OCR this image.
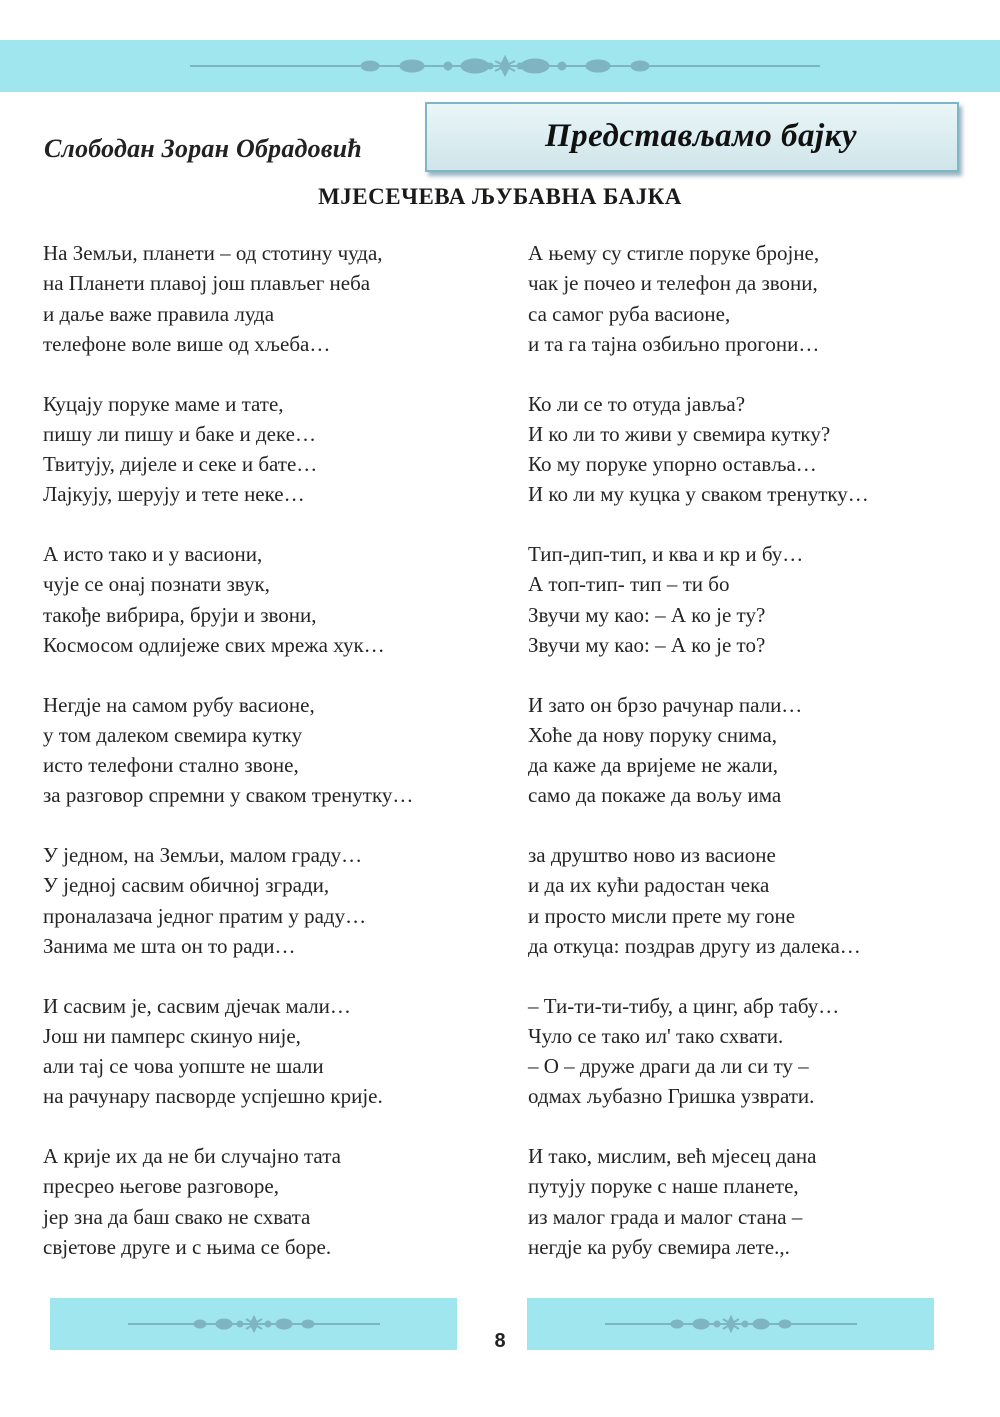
Слободан Зоран Обрадовић	Представљамо бајку
МЈЕСЕЧЕВА ЉУБАВНА БАЈКА
На Земљи, планети – од стотину чуда,
на Планети плавој још плављег неба
и даље важе правила луда
телефоне воле више од хљеба…
Куцају поруке маме и тате,
пишу ли пишу и баке и деке…
Твитују, дијеле и секе и бате…
Лајкују, шерују и тете неке…
А исто тако и у васиони,
чује се онај познати звук,
такође вибрира, бруји и звони,
Космосом одлијеже свих мрежа хук…
Негдје на самом рубу васионе,
у том далеком свемира кутку
исто телефони стално звоне,
за разговор спремни у сваком тренутку…
У једном, на Земљи, малом граду…
У једној сасвим обичној згради,
проналазача једног пратим у раду…
Занима ме шта он то ради…
И сасвим је, сасвим дјечак мали…
Још ни памперс скинуо није,
али тај се чова уопште не шали
на рачунару пасворде успјешно крије.
А крије их да не би случајно тата
пресрео његове разговоре,
јер зна да баш свако не схвата
свјетове друге и с њима се боре.
А њему су стигле поруке бројне,
чак је почео и телефон да звони,
са самог руба васионе,
и та га тајна озбиљно прогони…
Ко ли се то отуда јавља?
И ко ли то живи у свемира кутку?
Ко му поруке упорно оставља…
И ко ли му куцка у сваком тренутку…
Тип-дип-тип, и ква и кр и бу…
А топ-тип- тип – ти бо
Звучи му као: – А ко је ту?
Звучи му као: – А ко је то?
И зато он брзо рачунар пали…
Хоће да нову поруку снима,
да каже да вријеме не жали,
само да покаже да вољу има
за друштво ново из васионе
и да их кући радостан чека
и просто мисли прете му гоне
да откуца: поздрав другу из далека…
– Ти-ти-ти-тибу, а цинг, абр табу…
Чуло се тако ил' тако схвати.
– О – друже драги да ли си ту –
одмах љубазно Гришка узврати.
И тако, мислим, већ мјесец дана
путују поруке с наше планете,
из малог града и малог стана –
негдје ка рубу свемира лете.,.
8
